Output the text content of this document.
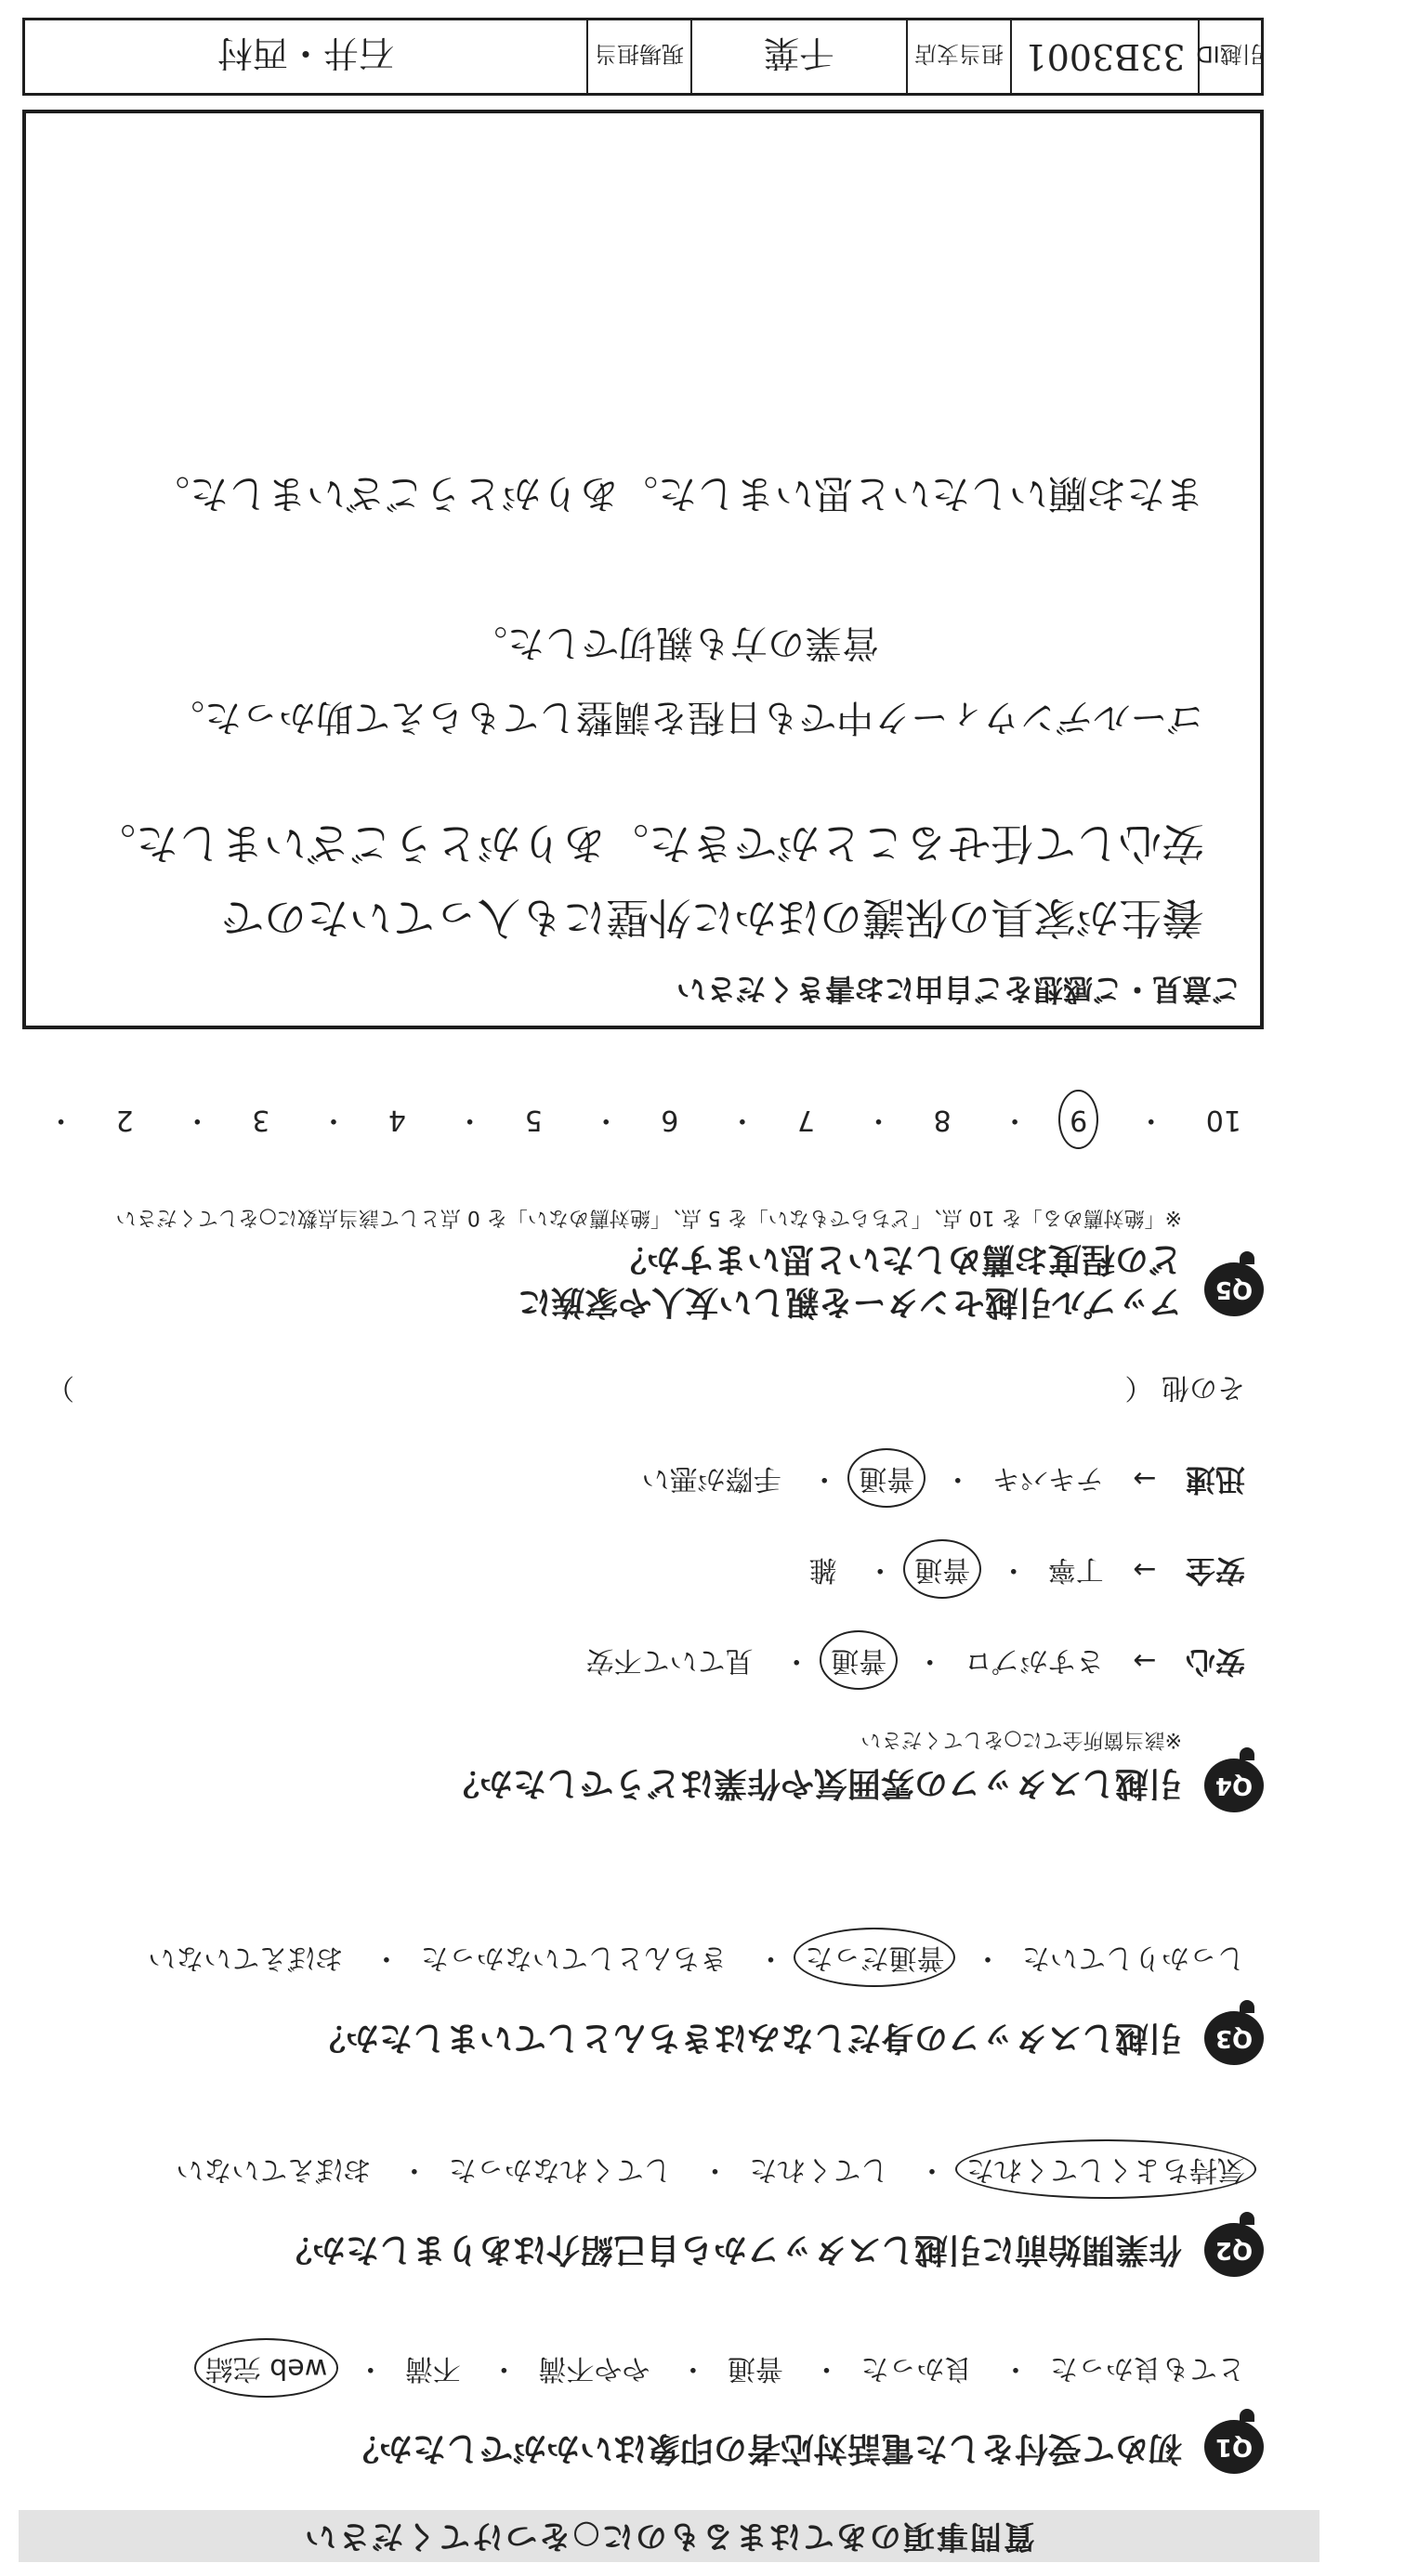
質問事項のあてはまるものに○をつけてください
Q1
初めて受付をした電話対応者の印象はいかがでしたか？
とても良かった・ 良かった・ 普通・ やや不満・ 不満・ web 完結
Q2
作業開始前に引越しスタッフから自己紹介はありましたか？
気持ちよくしてくれた・ してくれた・ してくれなかった・ おぼえていない
Q3
引越しスタッフの身だしなみはきちんとしていましたか？
しっかりしていた・ 普通だった・ きちんとしていなかった・ おぼえていない
Q4
引越しスタッフの雰囲気や作業はどうでしたか？
※該当箇所全てに○をしてください
安心 → さすがプロ・ 普通・ 見ていて不安
安全 → 丁寧・ 普通・ 雑
迅速 → テキパキ・ 普通・ 手際が悪い
その他 （
）
Q5
アップル引越センターを親しい友人や家族に
どの程度お薦めしたいと思いますか？
※「絶対薦める」を 10 点、「どちらでもない」を 5 点、「絶対薦めない」を 0 点として該当点数に○をしてください
10・ 9・ 8・ 7・ 6・ 5・ 4・ 3・ 2・
ご意見・ご感想をご自由にお書きください
養生が家具の保護のほかに外壁にも入っていたので
安心して任せることができた。ありがとうございました。
ゴールデンウィーク中でも日程を調整してもらえて助かった。
営業の方も親切でした。
またお願いしたいと思いました。ありがとうございました。
引越ID
33B3001
担当支店
千葉
現場担当
石井・西村
